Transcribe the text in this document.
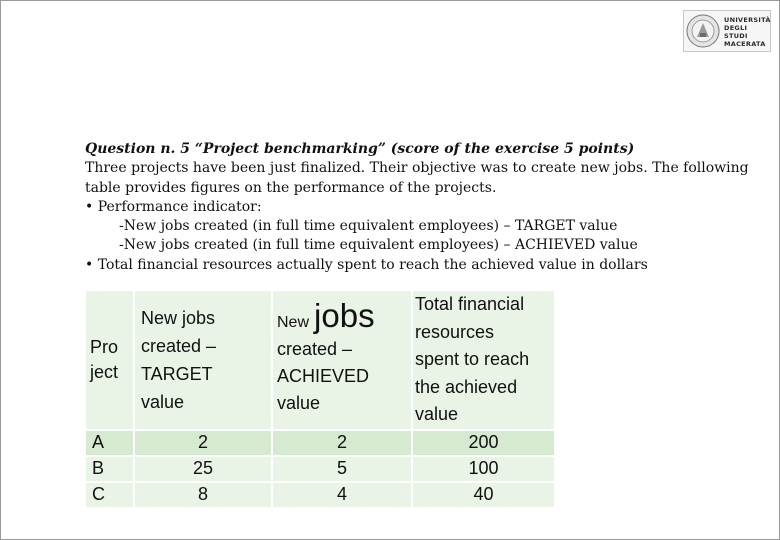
UNIVERSITÀ
DEGLI STUDI
MACERATA

Question n. 5 “Project benchmarking” (score of the exercise 5 points)

Three projects have been just finalized. Their objective was to create new jobs. The following table provides figures on the performance of the projects.

• Performance indicator:

-New jobs created (in full time equivalent employees) – TARGET value

-New jobs created (in full time equivalent employees) – ACHIEVED value

• Total financial resources actually spent to reach the achieved value in dollars

Pro
ject	New jobs
created –
TARGET
value	New jobs
created –
ACHIEVED
value	Total financial
resources
spent to reach
the achieved
value

A	2	2	200
B	25	5	100
C	8	4	40
